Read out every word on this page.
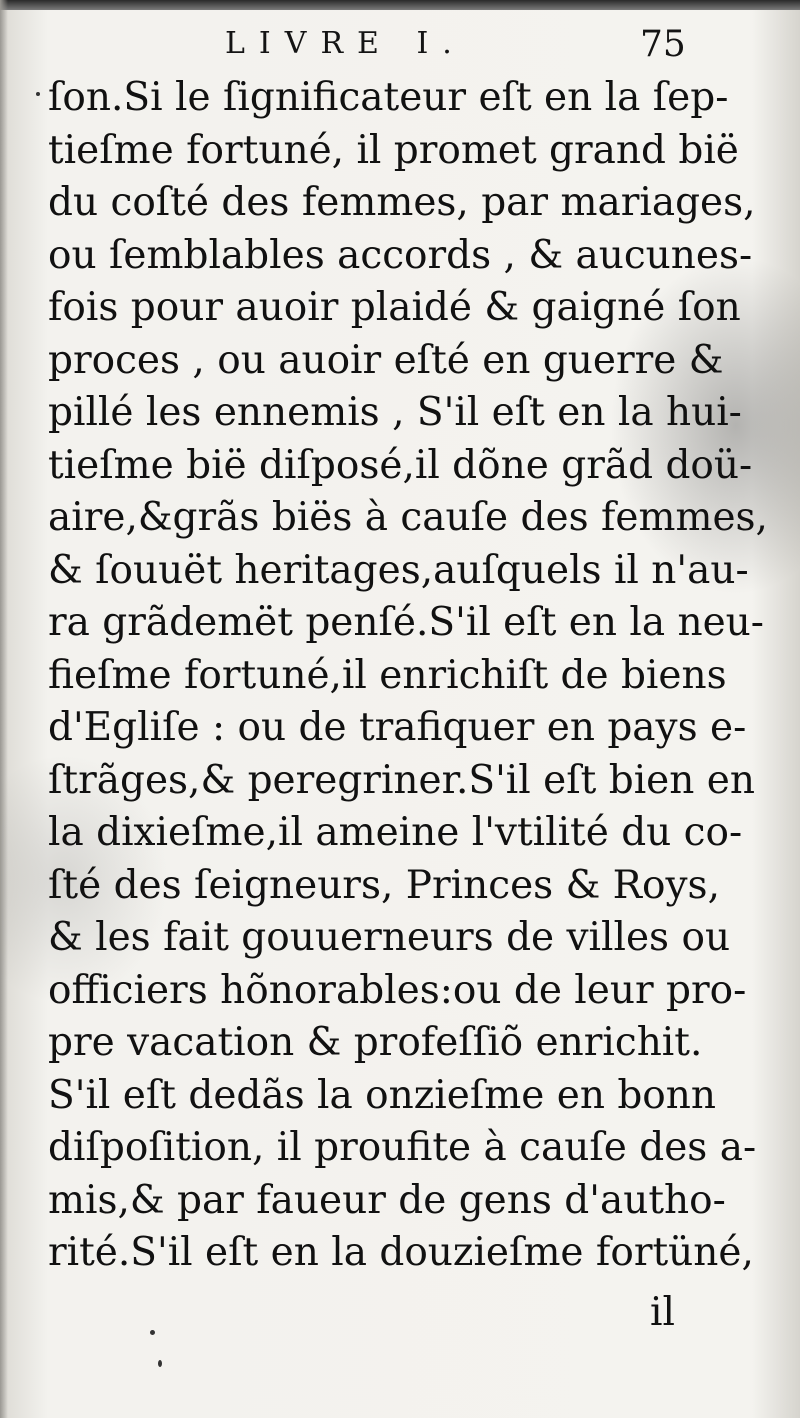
LIVRE I.	75
ſon.Si le ſignificateur eſt en la ſep-
tieſme fortuné, il promet grand bië
du coſté des femmes, par mariages,
ou ſemblables accords , & aucunes-
fois pour auoir plaidé & gaigné ſon
proces , ou auoir eſté en guerre &
pillé les ennemis , S'il eſt en la hui-
tieſme bië diſposé,il dõne grãd doü-
aire,&grãs biës à cauſe des femmes,
& ſouuët heritages,auſquels il n'au-
ra grãdemët penſé.S'il eſt en la neu-
fieſme fortuné,il enrichiſt de biens
d'Egliſe : ou de trafiquer en pays e-
ſtrãges,& peregriner.S'il eſt bien en
la dixieſme,il ameine l'vtilité du co-
ſté des ſeigneurs, Princes & Roys,
& les fait gouuerneurs de villes ou
officiers hõnorables:ou de leur pro-
pre vacation & profeſſiõ enrichit.
S'il eſt dedãs la onzieſme en bonn
diſpoſition, il proufite à cauſe des a-
mis,& par faueur de gens d'autho-
rité.S'il eſt en la douzieſme fortüné,
il
